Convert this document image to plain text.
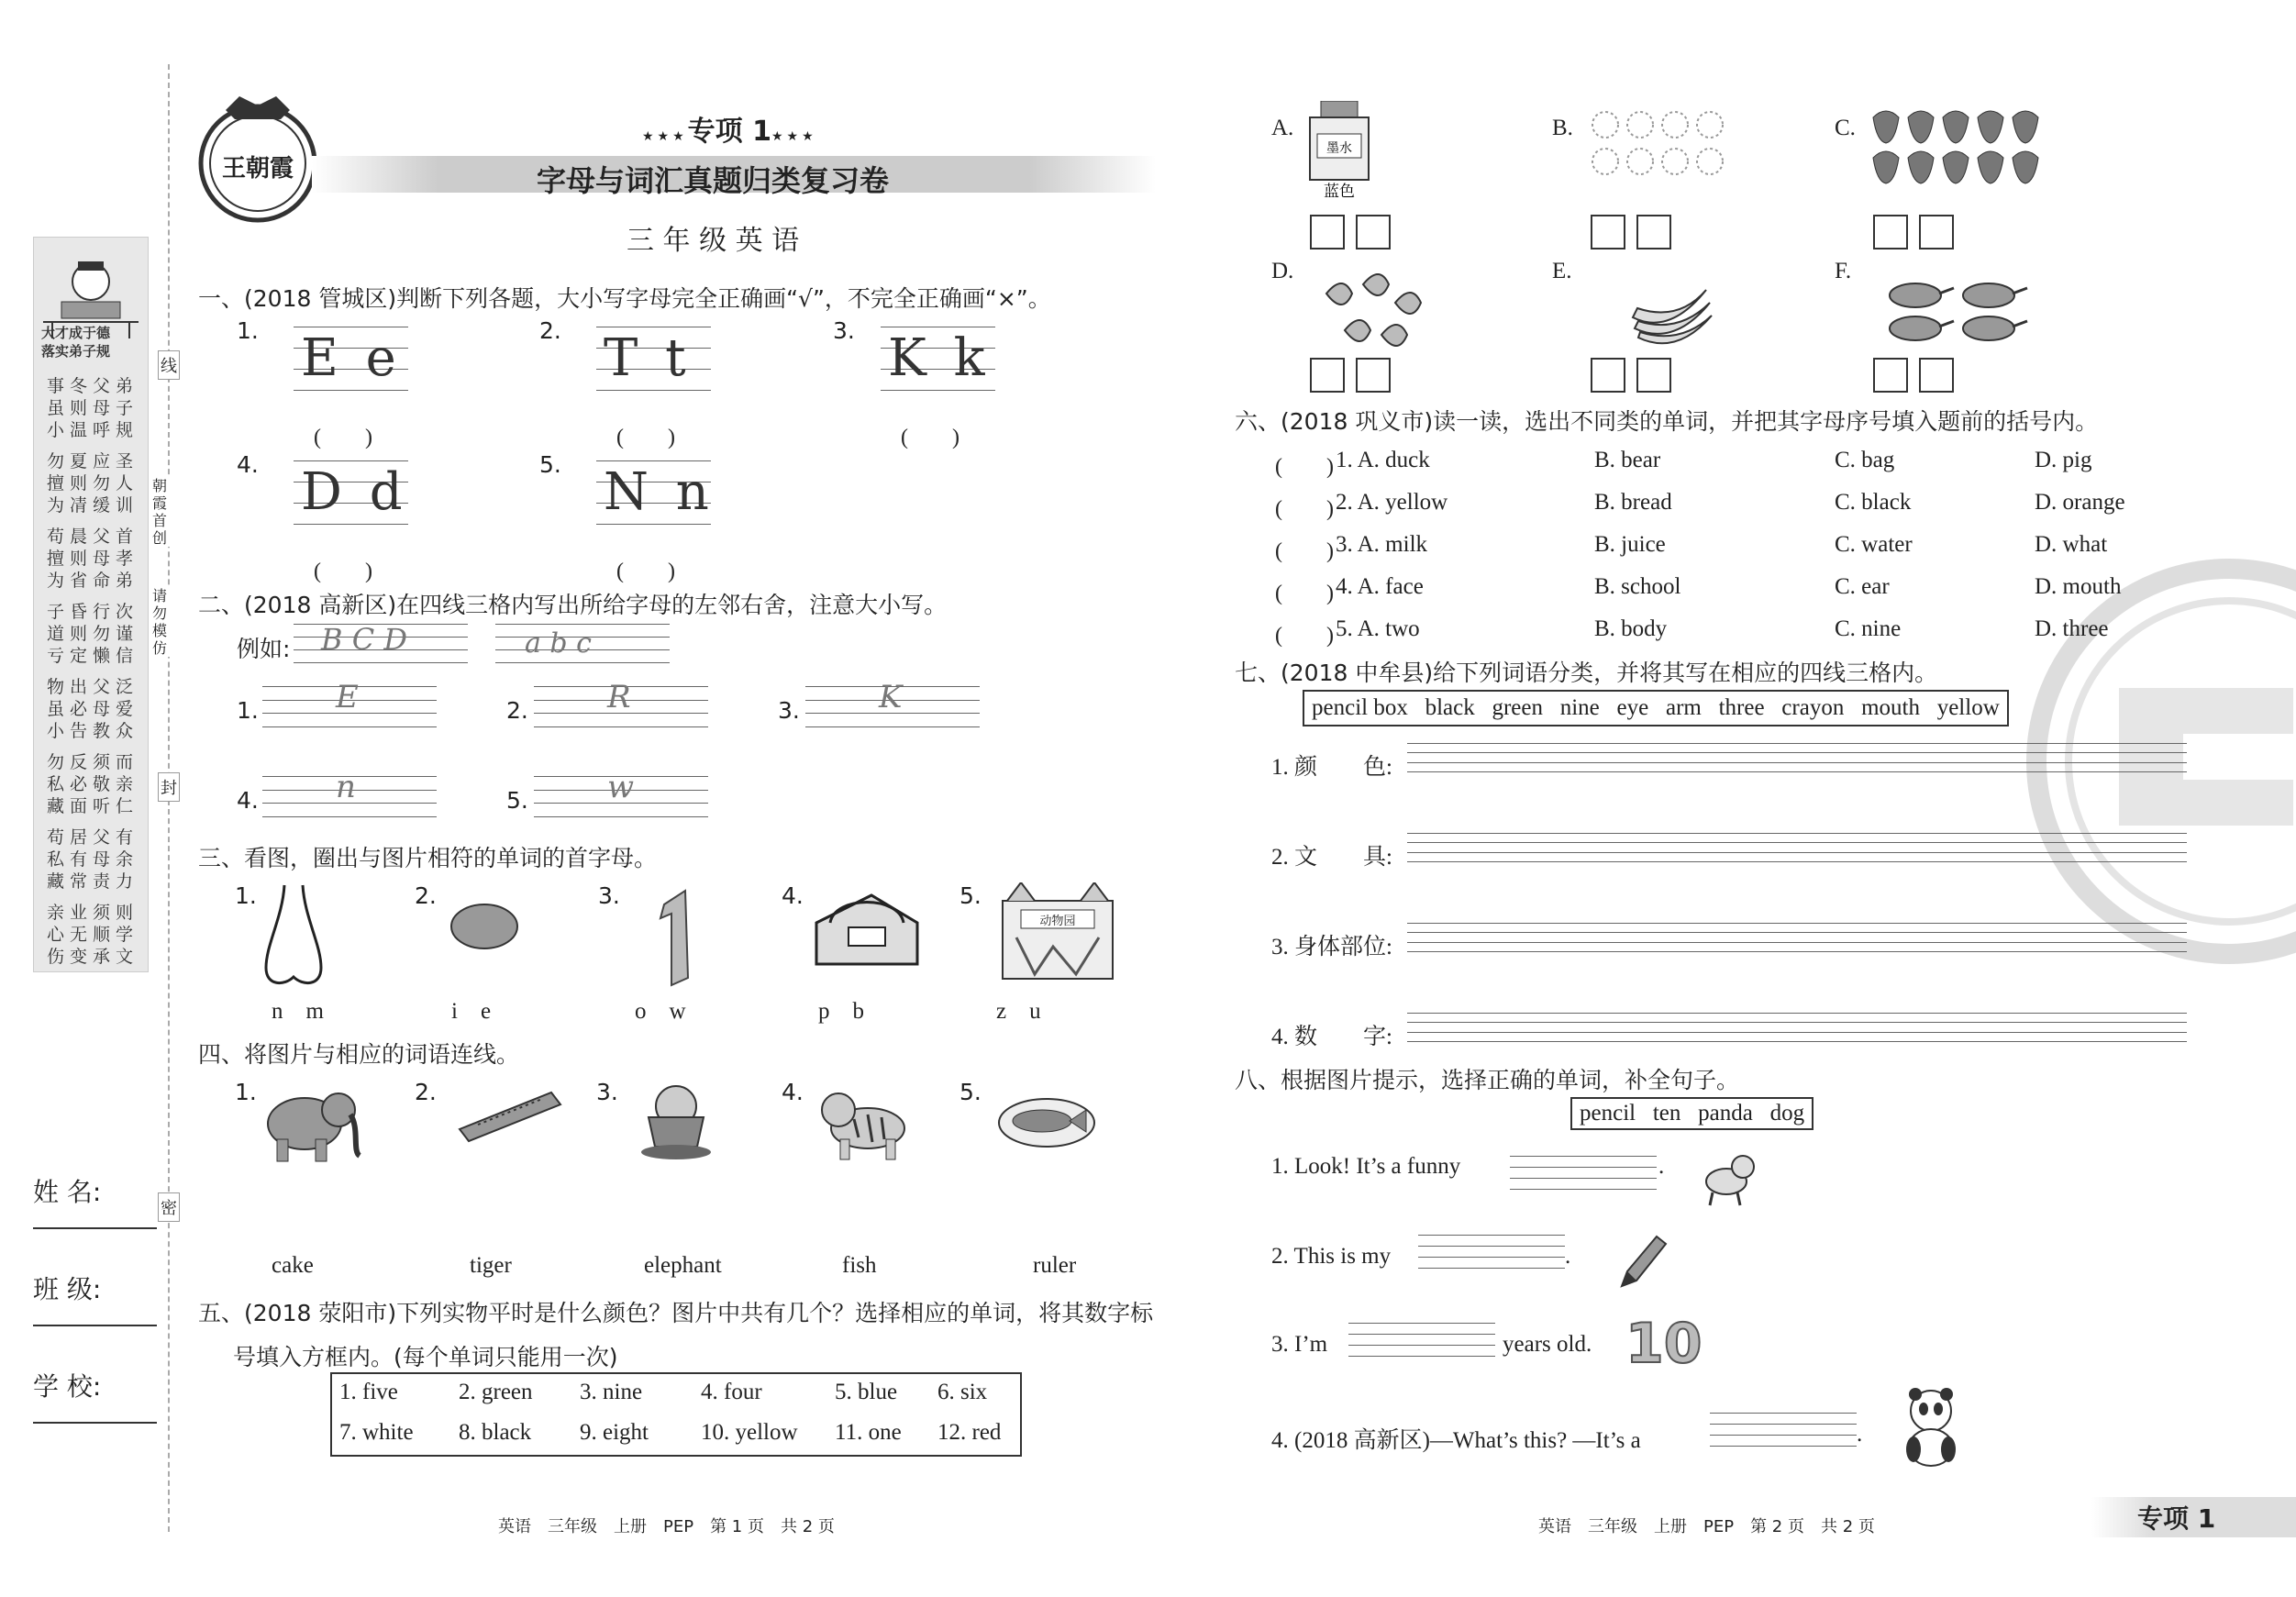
大才成于德
落实弟子规
事冬父弟
虽则母子
小温呼规
勿夏应圣
擅则勿人
为凊缓训
苟晨父首
擅则母孝
为省命弟
子昏行次
道则勿谨
亏定懒信
物出父泛
虽必母爱
小告教众
勿反须而
私必敬亲
藏面听仁
苟居父有
私有母余
藏常责力
亲业须则
心无顺学
伤变承文
姓 名:
班 级:
学 校:
线
朝霞首创
请勿模仿
封
密
王朝霞
★★★专项 1★★★
字母与词汇真题归类复习卷
三 年 级 英 语
一、(2018 管城区)判断下列各题，大小写字母完全正确画“√”，不完全正确画“×”。
1. E e
(　　)
2. T t
(　　)
3. K k
(　　)
4. D d
(　　)
5. N n
(　　)
二、(2018 高新区)在四线三格内写出所给字母的左邻右舍，注意大小写。
例如: B C D	a b c
1. E	2.	R	3.	K
4. n	5.	w
三、看图，圈出与图片相符的单词的首字母。
1.
n　m
2.
i　e
3.
o　w
4.
p　b
5.
z　u
动物园
四、将图片与相应的词语连线。
1.	2.	3.	4.	5.
cake	tiger	elephant	fish	ruler
五、(2018 荥阳市)下列实物平时是什么颜色？图片中共有几个？选择相应的单词，将其数字标
号填入方框内。(每个单词只能用一次)
1. five	2. green 3. nine	4. four	5. blue 6. six
7. white 8. black 9. eight 10. yellow 11. one 12. red
英语　三年级　上册　PEP　第 1 页　共 2 页
A.	B.	C.
D.	E.	F.
墨水
蓝色
六、(2018 巩义市)读一读，选出不同类的单词，并把其字母序号填入题前的括号内。
(　　) 1. A. duck	B. bear	C. bag	D. pig
(　　) 2. A. yellow	B. bread	C. black	D. orange
(　　) 3. A. milk	B. juice	C. water	D. what
(　　) 4. A. face	B. school	C. ear	D. mouth
(　　) 5. A. two	B. body	C. nine	D. three
七、(2018 中牟县)给下列词语分类，并将其写在相应的四线三格内。
pencil box   black   green   nine   eye   arm   three   crayon   mouth   yellow
1. 颜　　色:
2. 文　　具:
3. 身体部位:
4. 数　　字:
八、根据图片提示，选择正确的单词，补全句子。
pencil   ten   panda   dog
1. Look! It’s a funny	.
2. This is my	.
3. I’m	years old. 10
4. (2018 高新区)—What’s this? —It’s a	.
英语　三年级　上册　PEP　第 2 页　共 2 页	专项 1
